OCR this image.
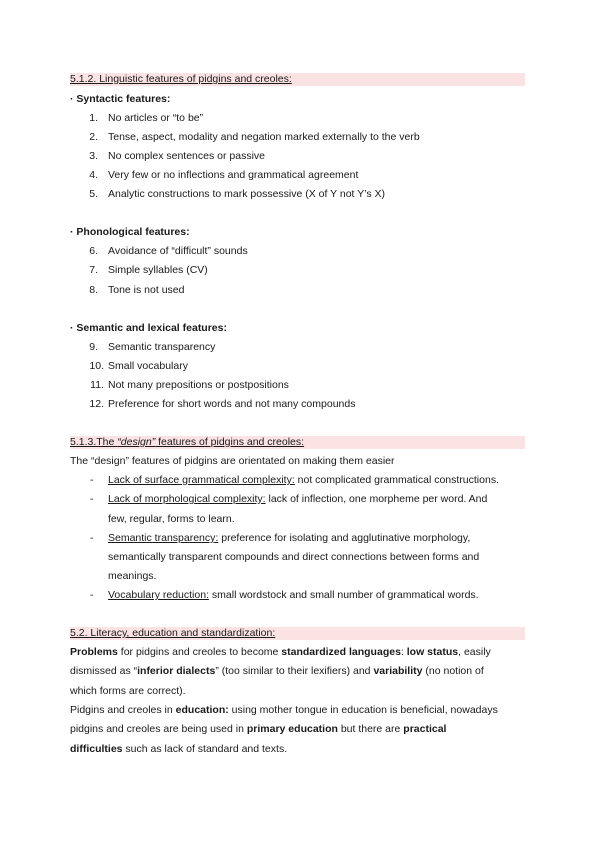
5.1.2. Linguistic features of pidgins and creoles:
· Syntactic features:
1. No articles or “to be”
2. Tense, aspect, modality and negation marked externally to the verb
3. No complex sentences or passive
4. Very few or no inflections and grammatical agreement
5. Analytic constructions to mark possessive (X of Y not Y’s X)
· Phonological features:
6. Avoidance of “difficult” sounds
7. Simple syllables (CV)
8. Tone is not used
· Semantic and lexical features:
9. Semantic transparency
10. Small vocabulary
11. Not many prepositions or postpositions
12. Preference for short words and not many compounds
5.1.3.The “design” features of pidgins and creoles:
The “design” features of pidgins are orientated on making them easier
- Lack of surface grammatical complexity: not complicated grammatical constructions.
- Lack of morphological complexity: lack of inflection, one morpheme per word. And
few, regular, forms to learn.
- Semantic transparency: preference for isolating and agglutinative morphology,
semantically transparent compounds and direct connections between forms and
meanings.
- Vocabulary reduction: small wordstock and small number of grammatical words.
5.2. Literacy, education and standardization:
Problems for pidgins and creoles to become standardized languages: low status, easily
dismissed as “inferior dialects” (too similar to their lexifiers) and variability (no notion of
which forms are correct).
Pidgins and creoles in education: using mother tongue in education is beneficial, nowadays
pidgins and creoles are being used in primary education but there are practical
difficulties such as lack of standard and texts.
